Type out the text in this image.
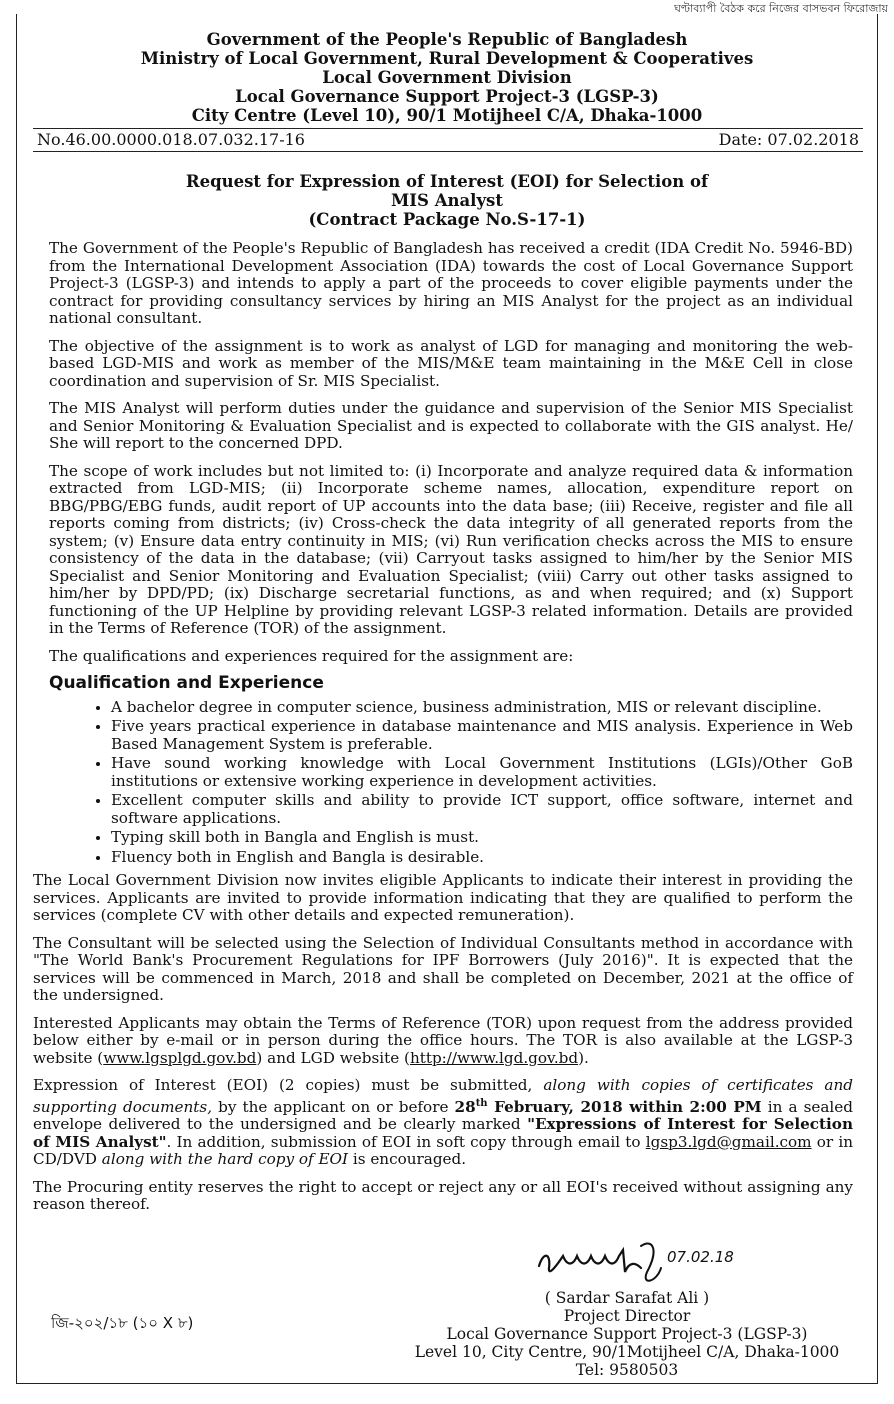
ঘণ্টাব্যাপী বৈঠক করে নিজের বাসভবন ফিরোজায়
Government of the People's Republic of Bangladesh
Ministry of Local Government, Rural Development & Cooperatives
Local Government Division
Local Governance Support Project-3 (LGSP-3)
City Centre (Level 10), 90/1 Motijheel C/A, Dhaka-1000
No.46.00.0000.018.07.032.17-16	Date: 07.02.2018
Request for Expression of Interest (EOI) for Selection of
MIS Analyst
(Contract Package No.S-17-1)

The Government of the People's Republic of Bangladesh has received a credit (IDA Credit No. 5946-BD) from the International Development Association (IDA) towards the cost of Local Governance Support Project-3 (LGSP-3) and intends to apply a part of the proceeds to cover eligible payments under the contract for providing consultancy services by hiring an MIS Analyst for the project as an individual national consultant.

The objective of the assignment is to work as analyst of LGD for managing and monitoring the web-based LGD-MIS and work as member of the MIS/M&E team maintaining in the M&E Cell in close coordination and supervision of Sr. MIS Specialist.

The MIS Analyst will perform duties under the guidance and supervision of the Senior MIS Specialist and Senior Monitoring & Evaluation Specialist and is expected to collaborate with the GIS analyst. He/ She will report to the concerned DPD.

The scope of work includes but not limited to: (i) Incorporate and analyze required data & information extracted from LGD-MIS; (ii) Incorporate scheme names, allocation, expenditure report on BBG/PBG/EBG funds, audit report of UP accounts into the data base; (iii) Receive, register and file all reports coming from districts; (iv) Cross-check the data integrity of all generated reports from the system; (v) Ensure data entry continuity in MIS; (vi) Run verification checks across the MIS to ensure consistency of the data in the database; (vii) Carryout tasks assigned to him/her by the Senior MIS Specialist and Senior Monitoring and Evaluation Specialist; (viii) Carry out other tasks assigned to him/her by DPD/PD; (ix) Discharge secretarial functions, as and when required; and (x) Support functioning of the UP Helpline by providing relevant LGSP-3 related information. Details are provided in the Terms of Reference (TOR) of the assignment.

The qualifications and experiences required for the assignment are:

Qualification and Experience
• A bachelor degree in computer science, business administration, MIS or relevant discipline.
• Five years practical experience in database maintenance and MIS analysis. Experience in Web Based Management System is preferable.
• Have sound working knowledge with Local Government Institutions (LGIs)/Other GoB institutions or extensive working experience in development activities.
• Excellent computer skills and ability to provide ICT support, office software, internet and software applications.
• Typing skill both in Bangla and English is must.
• Fluency both in English and Bangla is desirable.

The Local Government Division now invites eligible Applicants to indicate their interest in providing the services. Applicants are invited to provide information indicating that they are qualified to perform the services (complete CV with other details and expected remuneration).

The Consultant will be selected using the Selection of Individual Consultants method in accordance with "The World Bank's Procurement Regulations for IPF Borrowers (July 2016)". It is expected that the services will be commenced in March, 2018 and shall be completed on December, 2021 at the office of the undersigned.

Interested Applicants may obtain the Terms of Reference (TOR) upon request from the address provided below either by e-mail or in person during the office hours. The TOR is also available at the LGSP-3 website (www.lgsplgd.gov.bd) and LGD website (http://www.lgd.gov.bd).

Expression of Interest (EOI) (2 copies) must be submitted, along with copies of certificates and supporting documents, by the applicant on or before 28th February, 2018 within 2:00 PM in a sealed envelope delivered to the undersigned and be clearly marked "Expressions of Interest for Selection of MIS Analyst". In addition, submission of EOI in soft copy through email to lgsp3.lgd@gmail.com or in CD/DVD along with the hard copy of EOI is encouraged.

The Procuring entity reserves the right to accept or reject any or all EOI's received without assigning any reason thereof.

07.02.18
জি-২০২/১৮ (১০ X ৮)
( Sardar Sarafat Ali )
Project Director
Local Governance Support Project-3 (LGSP-3)
Level 10, City Centre, 90/1Motijheel C/A, Dhaka-1000
Tel: 9580503
